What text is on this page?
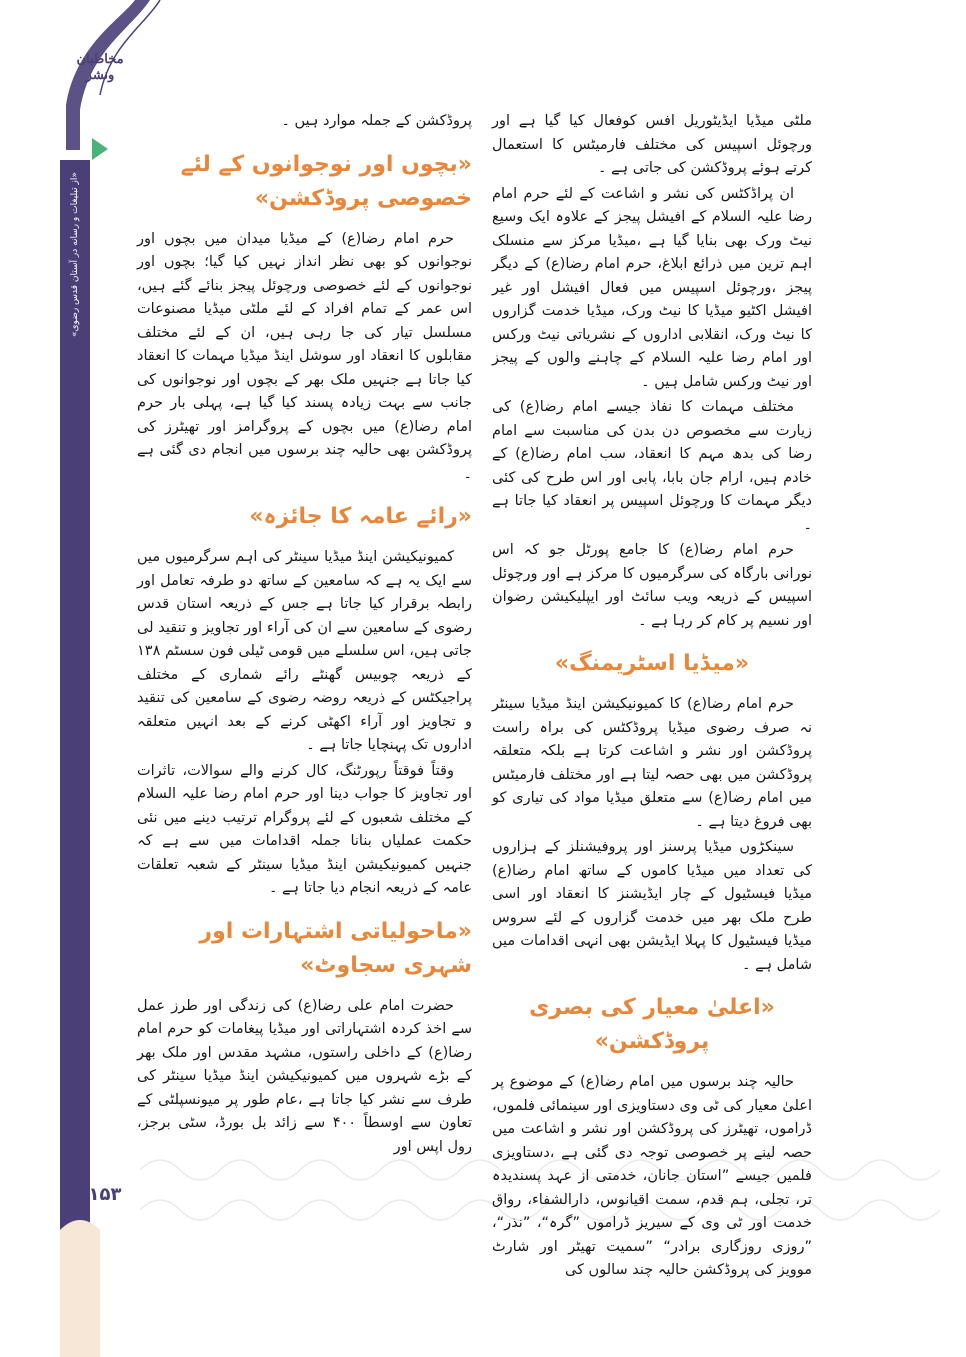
مخاطبان ونشر
«از تبلیغات و رسانه در آستان قدس رضوی»
۱۵۳

ملٹی میڈیا ایڈیٹوریل افس کوفعال کیا گیا ہے اور ورچوئل اسپیس کی مختلف فارمیٹس کا استعمال کرتے ہوئے پروڈکشن کی جاتی ہے ۔

ان پراڈکٹس کی نشر و اشاعت کے لئے حرم امام رضا علیہ السلام کے افیشل پیجز کے علاوہ ایک وسیع نیٹ ورک بھی بنایا گیا ہے ،میڈیا مرکز سے منسلک اہم ترین میں ذرائع ابلاغ، حرم امام رضا(ع) کے دیگر پیجز ،ورچوئل اسپیس میں فعال افیشل اور غیر افیشل اکٹیو میڈیا کا نیٹ ورک، میڈیا خدمت گزاروں کا نیٹ ورک، انقلابی اداروں کے نشریاتی نیٹ ورکس اور امام رضا علیہ السلام کے چاہنے والوں کے پیجز اور نیٹ ورکس شامل ہیں ۔

مختلف مہمات کا نفاذ جیسے امام رضا(ع) کی زیارت سے مخصوص دن بدن کی مناسبت سے امام رضا کی بدھ مہم کا انعقاد، سب امام رضا(ع) کے خادم ہیں، ارام جان بابا، پابی اور اس طرح کی کئی دیگر مہمات کا ورچوئل اسپیس پر انعقاد کیا جاتا ہے ۔

حرم امام رضا(ع) کا جامع پورٹل جو کہ اس نورانی بارگاہ کی سرگرمیوں کا مرکز ہے اور ورچوئل اسپیس کے ذریعہ ویب سائٹ اور ایپلیکیشن رضوان اور نسیم پر کام کر رہا ہے ۔

«میڈیا اسٹریمنگ»

حرم امام رضا(ع) کا کمیونیکیشن اینڈ میڈیا سینٹر نہ صرف رضوی میڈیا پروڈکٹس کی براہ راست پروڈکشن اور نشر و اشاعت کرتا ہے بلکہ متعلقہ پروڈکشن میں بھی حصہ لیتا ہے اور مختلف فارمیٹس میں امام رضا(ع) سے متعلق میڈیا مواد کی تیاری کو بھی فروغ دیتا ہے ۔

سینکڑوں میڈیا پرسنز اور پروفیشنلز کے ہزاروں کی تعداد میں میڈیا کاموں کے ساتھ امام رضا(ع) میڈیا فیسٹیول کے چار ایڈیشنز کا انعقاد اور اسی طرح ملک بھر میں خدمت گزاروں کے لئے سروس میڈیا فیسٹیول کا پہلا ایڈیشن بھی انہی اقدامات میں شامل ہے ۔

«اعلیٰ معیار کی بصری پروڈکشن»

حالیہ چند برسوں میں امام رضا(ع) کے موضوع پر اعلیٰ معیار کی ٹی وی دستاویزی اور سینمائی فلموں، ڈراموں، تھیٹرز کی پروڈکشن اور نشر و اشاعت میں حصہ لینے پر خصوصی توجہ دی گئی ہے ،دستاویزی فلمیں جیسے ”استان جانان، خدمتی از عہد پسندیدہ تر، تجلی، ہم قدم، سمت اقیانوس، دارالشفاء، رواق خدمت اور ٹی وی کے سیریز ڈراموں ”گرہ“، ”نذر“، ”روزی روزگاری برادر“ ”سمیت تھیٹر اور شارٹ موویز کی پروڈکشن حالیہ چند سالوں کی

پروڈکشن کے جملہ موارد ہیں ۔

«بچوں اور نوجوانوں کے لئے خصوصی پروڈکشن»

حرم امام رضا(ع) کے میڈیا میدان میں بچوں اور نوجوانوں کو بھی نظر انداز نہیں کیا گیا؛ بچوں اور نوجوانوں کے لئے خصوصی ورچوئل پیجز بنائے گئے ہیں، اس عمر کے تمام افراد کے لئے ملٹی میڈیا مصنوعات مسلسل تیار کی جا رہی ہیں، ان کے لئے مختلف مقابلوں کا انعقاد اور سوشل اینڈ میڈیا مہمات کا انعقاد کیا جاتا ہے جنہیں ملک بھر کے بچوں اور نوجوانوں کی جانب سے بہت زیادہ پسند کیا گیا ہے، پہلی بار حرم امام رضا(ع) میں بچوں کے پروگرامز اور تھیٹرز کی پروڈکشن بھی حالیہ چند برسوں میں انجام دی گئی ہے ۔

«رائے عامہ کا جائزہ»

کمیونیکیشن اینڈ میڈیا سینٹر کی اہم سرگرمیوں میں سے ایک یہ ہے کہ سامعین کے ساتھ دو طرفہ تعامل اور رابطہ برقرار کیا جاتا ہے جس کے ذریعہ استان قدس رضوی کے سامعین سے ان کی آراء اور تجاویز و تنقید لی جاتی ہیں، اس سلسلے میں قومی ٹیلی فون سسٹم ۱۳۸ کے ذریعہ چوبیس گھنٹے رائے شماری کے مختلف پراجیکٹس کے ذریعہ روضہ رضوی کے سامعین کی تنقید و تجاویز اور آراء اکھٹی کرنے کے بعد انہیں متعلقہ اداروں تک پہنچایا جاتا ہے ۔

وقتاً فوقتاً رپورٹنگ، کال کرنے والے سوالات، تاثرات اور تجاویز کا جواب دینا اور حرم امام رضا علیہ السلام کے مختلف شعبوں کے لئے پروگرام ترتیب دینے میں نئی حکمت عملیاں بنانا جملہ اقدامات میں سے ہے کہ جنہیں کمیونیکیشن اینڈ میڈیا سینٹر کے شعبہ تعلقات عامہ کے ذریعہ انجام دیا جاتا ہے ۔

«ماحولیاتی اشتہارات اور شہری سجاوٹ»

حضرت امام علی رضا(ع) کی زندگی اور طرز عمل سے اخذ کردہ اشتہاراتی اور میڈیا پیغامات کو حرم امام رضا(ع) کے داخلی راستوں، مشہد مقدس اور ملک بھر کے بڑے شہروں میں کمیونیکیشن اینڈ میڈیا سینٹر کی طرف سے نشر کیا جاتا ہے ،عام طور پر میونسپلٹی کے تعاون سے اوسطاً ۴۰۰ سے زائد بل بورڈ، سٹی برجز، رول اپس اور
